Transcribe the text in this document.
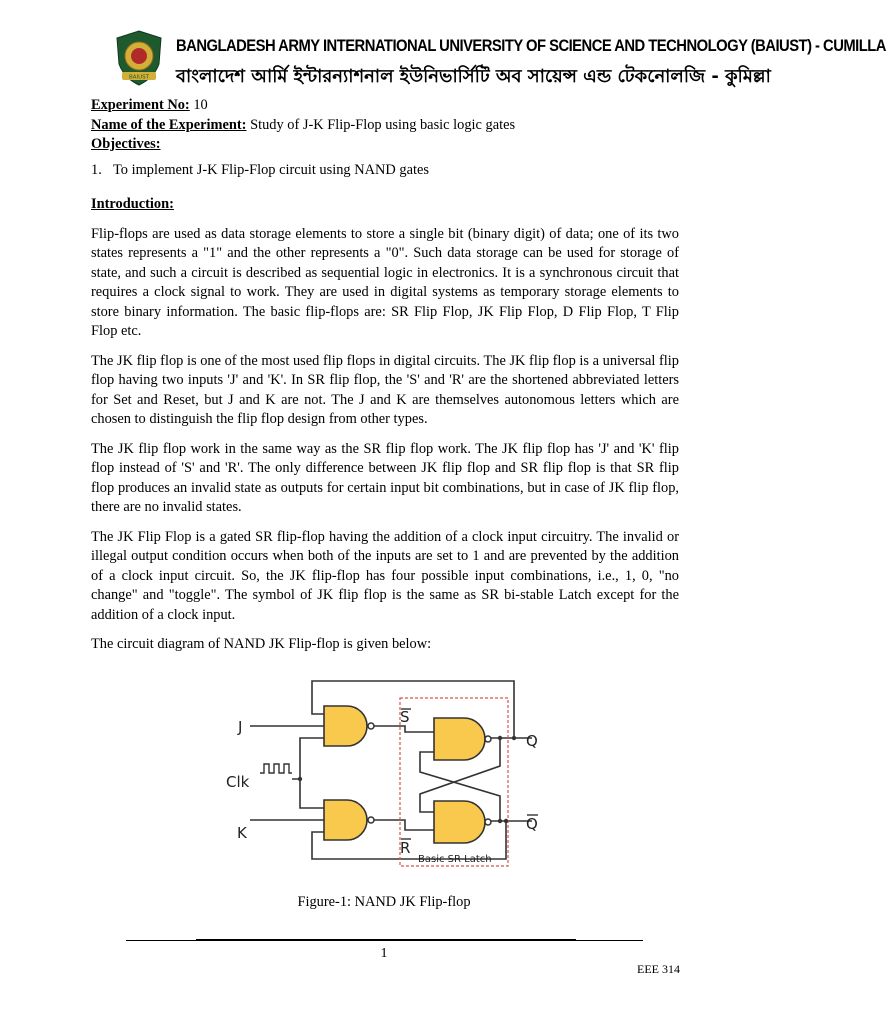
BAIUST
BANGLADESH ARMY INTERNATIONAL UNIVERSITY OF SCIENCE AND TECHNOLOGY (BAIUST) - CUMILLA
বাংলাদেশ আর্মি ইন্টারন্যাশনাল ইউনিভার্সিটি অব সায়েন্স এন্ড টেকনোলজি - কুমিল্লা

Experiment No: 10

Name of the Experiment: Study of J-K Flip-Flop using basic logic gates

Objectives:

1. To implement J-K Flip-Flop circuit using NAND gates

Introduction:

Flip-flops are used as data storage elements to store a single bit (binary digit) of data; one of its two states represents a "1" and the other represents a "0". Such data storage can be used for storage of state, and such a circuit is described as sequential logic in electronics. It is a synchronous circuit that requires a clock signal to work. They are used in digital systems as temporary storage elements to store binary information. The basic flip-flops are: SR Flip Flop, JK Flip Flop, D Flip Flop, T Flip Flop etc.

The JK flip flop is one of the most used flip flops in digital circuits. The JK flip flop is a universal flip flop having two inputs 'J' and 'K'. In SR flip flop, the 'S' and 'R' are the shortened abbreviated letters for Set and Reset, but J and K are not. The J and K are themselves autonomous letters which are chosen to distinguish the flip flop design from other types.

The JK flip flop work in the same way as the SR flip flop work. The JK flip flop has 'J' and 'K' flip flop instead of 'S' and 'R'. The only difference between JK flip flop and SR flip flop is that SR flip flop produces an invalid state as outputs for certain input bit combinations, but in case of JK flip flop, there are no invalid states.

The JK Flip Flop is a gated SR flip-flop having the addition of a clock input circuitry. The invalid or illegal output condition occurs when both of the inputs are set to 1 and are prevented by the addition of a clock input circuit. So, the JK flip-flop has four possible input combinations, i.e., 1, 0, "no change" and "toggle". The symbol of JK flip flop is the same as SR bi-stable Latch except for the addition of a clock input.

The circuit diagram of NAND JK Flip-flop is given below:

J
Clk
K
S
R
Q
Q
Basic SR Latch
Figure-1: NAND JK Flip-flop
1
EEE 314
